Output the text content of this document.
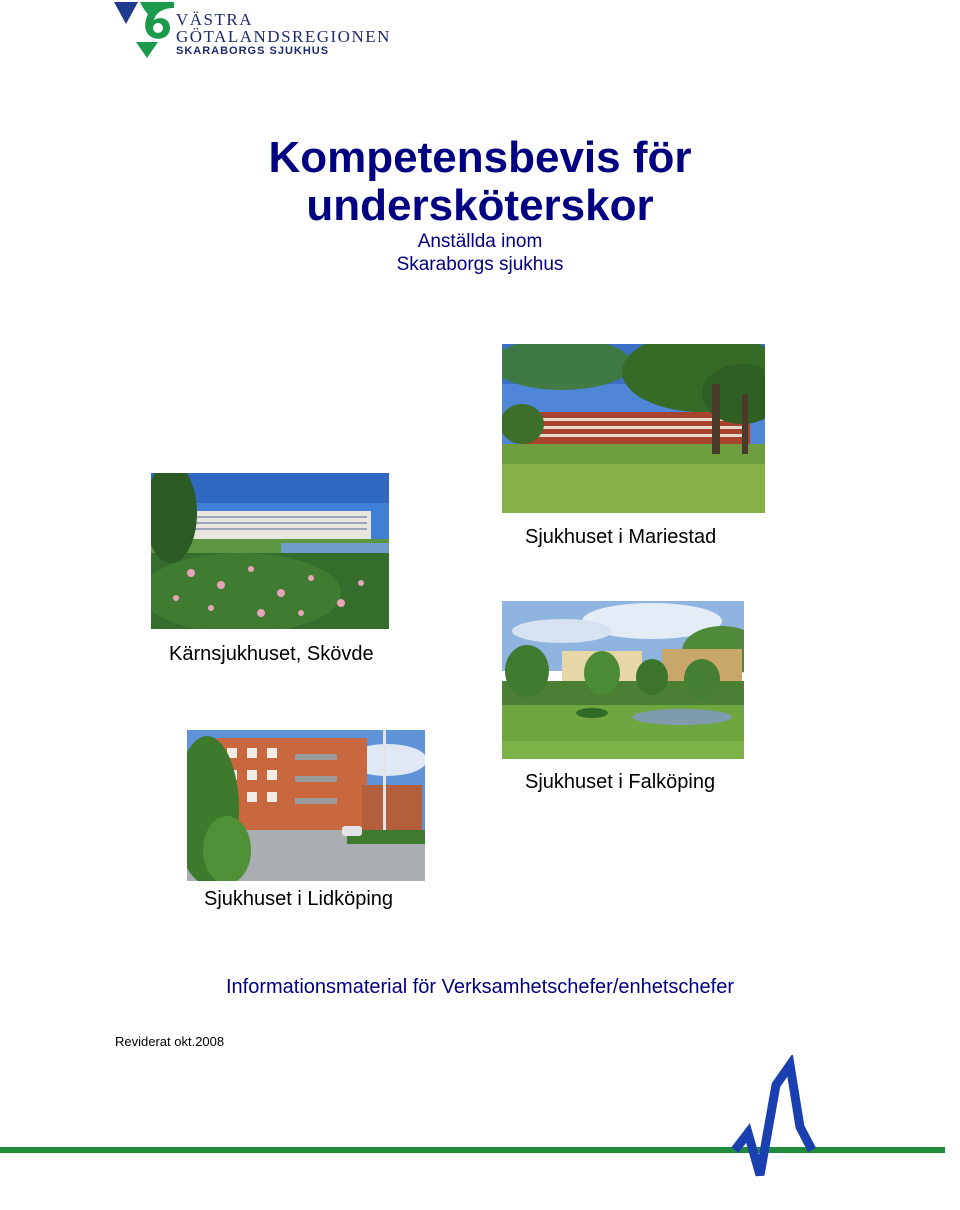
VÄSTRA
GÖTALANDSREGIONEN
SKARABORGS SJUKHUS
Kompetensbevis för
undersköterskor
Anställda inom
Skaraborgs sjukhus
Sjukhuset i Mariestad
Kärnsjukhuset, Skövde
Sjukhuset i Falköping
Sjukhuset i Lidköping
Informationsmaterial för Verksamhetschefer/enhetschefer
Reviderat okt.2008
